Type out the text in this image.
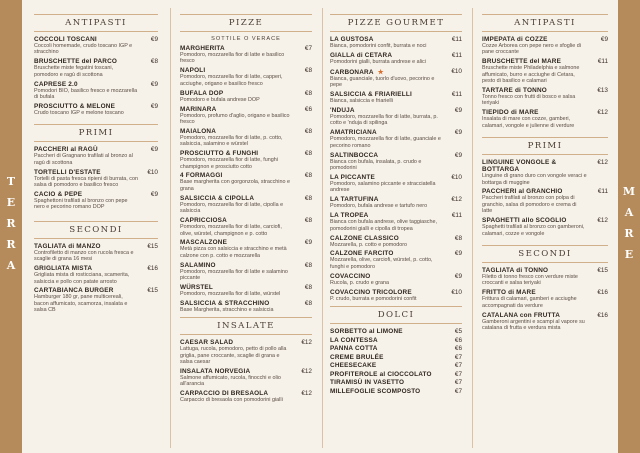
T
E
R
R
A
M
A
R
E
ANTIPASTI
COCCOLI TOSCANI	€9
Coccoli homemade, crudo toscano IGP e stracchino
BRUSCHETTE del PARCO	€8
Bruschette miste fegatini toscani, pomodoro e ragù di scottona
CAPRESE 2.0	€9
Pomodori BIO, basilico fresco e mozzarella di bufala
PROSCIUTTO & MELONE	€9
Crudo toscano IGP e melone toscano
PRIMI
PACCHERI al RAGÙ	€9
Paccheri di Gragnano trafilati al bronzo al ragù di scottona
TORTELLI D'ESTATE	€10
Tortelli di pasta fresca ripieni di burrata, con salsa di pomodoro e basilico fresco
CACIO & PEPE	€9
Spaghettoni trafilati al bronzo con pepe nero e pecorino romano DOP
SECONDI
TAGLIATA di MANZO	€15
Controfiletto di manzo con rucola fresca e scaglie di grana 16 mesi
GRIGLIATA MISTA	€16
Grigliata mista di rosticciana, scamerita, salsiccia e pollo con patate arrosto
CARTABIANCA BURGER	€15
Hamburger 180 gr, pane multicereali, bacon affumicato, scamorza, insalata e salsa CB
PIZZE
SOTTILE O VERACE
MARGHERITA	€7
Pomodoro, mozzarella fior di latte e basilico fresco
NAPOLI	€8
Pomodoro, mozzarella fior di latte, capperi, acciughe, origano e basilico fresco
BUFALA DOP	€8
Pomodoro e bufala andrese DOP
MARINARA	€6
Pomodoro, profumo d'aglio, origano e basilico fresco
MAIALONA	€8
Pomodoro, mozzarella fior di latte, p. cotto, salsiccia, salamino e würstel
PROSCIUTTO & FUNGHI	€8
Pomodoro, mozzarella fior di latte, funghi champignon e prosciutto cotto
4 FORMAGGI	€8
Base margherita con gorgonzola, stracchino e grana
SALSICCIA & CIPOLLA	€8
Pomodoro, mozzarella fior di latte, cipolla e salsiccia
CAPRICCIOSA	€8
Pomodoro, mozzarella fior di latte, carciofi, olive, würstel, champignon e p. cotto
MASCALZONE	€9
Metà pizza con salsiccia e stracchino e metà calzone con p. cotto e mozzarella
SALAMINO	€8
Pomodoro, mozzarella fior di latte e salamino piccante
WÜRSTEL	€8
Pomodoro, mozzarella fior di latte, würstel
SALSICCIA & STRACCHINO	€8
Base Margherita, stracchino e salsiccia
INSALATE
CAESAR SALAD	€12
Lattuga, rucola, pomodoro, petto di pollo alla griglia, pane croccante, scaglie di grana e salsa caesar
INSALATA NORVEGIA	€12
Salmone affumicato, rucola, finocchi e olio all'arancia
CARPACCIO DI BRESAOLA	€12
Carpaccio di bresaola con pomodorini gialli
PIZZE GOURMET
LA GUSTOSA	€11
Bianca, pomodorini confit, burrata e noci
GIALLA di CETARA	€11
Pomodorini gialli, burrata andrese e alici
CARBONARA ★	€10
Bianca, guanciale, tuorlo d'uovo, pecorino e pepe
SALSICCIA & FRIARIELLI	€11
Bianca, salsiccia e friarielli
'NDUJA	€9
Pomodoro, mozzarella fior di latte, burrata, p. cotto e 'nduja di spilinga
AMATRICIANA	€9
Pomodoro, mozzarella fior di latte, guanciale e pecorino romano
SALTINBOCCA	€9
Bianca con bufala, insalata, p. crudo e pomodorini
LA PICCANTE	€10
Pomodoro, salamino piccante e stracciatella andrese
LA TARTUFINA	€12
Pomodoro, bufala andrese e tartufo nero
LA TROPEA	€11
Bianca con bufala andrese, olive taggiasche, pomodorini gialli e cipolla di tropea
CALZONE CLASSICO	€8
Mozzarella, p. cotto e pomodoro
CALZONE FARCITO	€9
Mozzarella, olive, carciofi, würstel, p. cotto, funghi e pomodoro
COVACCINO	€9
Rucola, p. crudo e grana
COVACCINO TRICOLORE	€10
P. crudo, burrata e pomodorini confit
DOLCI
SORBETTO al LIMONE	€5
LA CONTESSA	€6
PANNA COTTA	€6
CREME BRULÉE	€7
CHEESECAKE	€7
PROFITEROLE al CIOCCOLATO	€7
TIRAMISÙ IN VASETTO	€7
MILLEFOGLIE SCOMPOSTO	€7
ANTIPASTI
IMPEPATA di COZZE	€9
Cozze Arborea con pepe nero e sfoglie di pane croccante
BRUSCHETTE del MARE	€11
Bruschette miste Philadelphia e salmone affumicato, burro e acciughe di Cetara, pesto di basilico e calamari
TARTARE di TONNO	€13
Tonno fresco con frutti di bosco e salsa teriyaki
TIEPIDO di MARE	€12
Insalata di mare con cozze, gamberi, calamari, vongole e julienne di verdure
PRIMI
LINGUINE VONGOLE & BOTTARGA
€12
Linguine di grano duro con vongole veraci e bottarga di muggine
PACCHERI al GRANCHIO	€11
Paccheri trafilati al bronzo con polpa di granchio, salsa di pomodoro e crema di latte
SPAGHETTI allo SCOGLIO	€12
Spaghetti trafilati al bronzo con gamberoni, calamari, cozze e vongole
SECONDI
TAGLIATA di TONNO	€15
Filetto di tonno fresco con verdure miste croccanti e salsa teriyaki
FRITTO di MARE	€16
Frittura di calamari, gamberi e acciughe accompagnati da verdure
CATALANA con FRUTTA	€16
Gamberoni argentini e scampi al vapore su catalana di frutta e verdura mista
